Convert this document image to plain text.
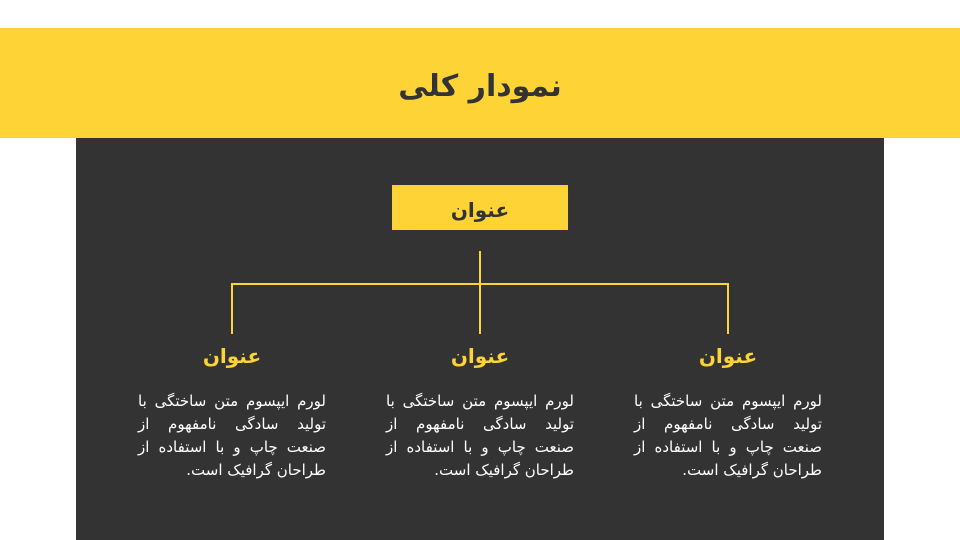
نمودار کلی
عنوان
عنوان
لورم ایپسوم متن ساختگی با تولید سادگی نامفهوم از صنعت چاپ و با استفاده از طراحان گرافیک است.
عنوان
لورم ایپسوم متن ساختگی با تولید سادگی نامفهوم از صنعت چاپ و با استفاده از طراحان گرافیک است.
عنوان
لورم ایپسوم متن ساختگی با تولید سادگی نامفهوم از صنعت چاپ و با استفاده از طراحان گرافیک است.
